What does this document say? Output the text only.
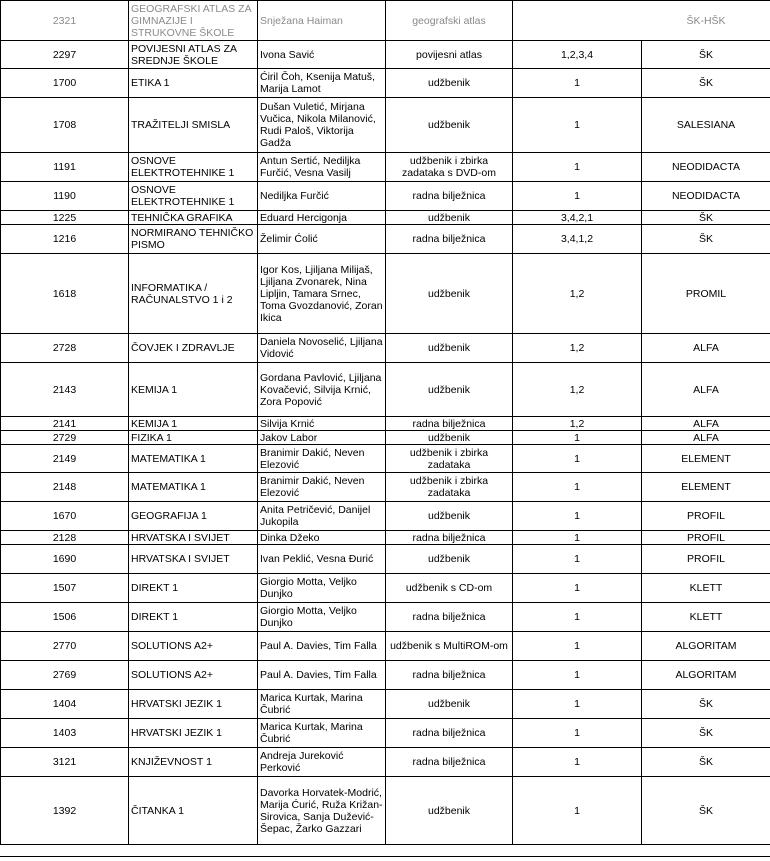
2321	GEOGRAFSKI ATLAS ZA GIMNAZIJE I STRUKOVNE ŠKOLE	Snježana Haiman	geografski atlas		ŠK-HŠK
2297	POVIJESNI ATLAS ZA SREDNJE ŠKOLE	Ivona Savić	povijesni atlas	1,2,3,4	ŠK
1700	ETIKA 1	Ćiril Čoh, Ksenija Matuš, Marija Lamot	udžbenik	1	ŠK
1708	TRAŽITELJI SMISLA	Dušan Vuletić, Mirjana Vučica, Nikola Milanović, Rudi Paloš, Viktorija Gadža	udžbenik	1	SALESIANA
1191	OSNOVE ELEKTROTEHNIKE 1	Antun Sertić, Nedilјka Furčić, Vesna Vasilj	udžbenik i zbirka zadataka s DVD-om	1	NEODIDACTA
1190	OSNOVE ELEKTROTEHNIKE 1	Nedilјka Furčić	radna bilježnica	1	NEODIDACTA
1225	TEHNIČKA GRAFIKA	Eduard Hercigonja	udžbenik	3,4,2,1	ŠK
1216	NORMIRANO TEHNIČKO PISMO	Želimir Ćolić	radna bilježnica	3,4,1,2	ŠK
1618	INFORMATIKA / RAČUNALSTVO 1 i 2	Igor Kos, Ljiljana Milijaš, Ljiljana Zvonarek, Nina Lipljin, Tamara Srnec, Toma Gvozdanović, Zoran Ikica	udžbenik	1,2	PROMIL
2728	ČOVJEK I ZDRAVLJE	Daniela Novoselić, Ljiljana Vidović	udžbenik	1,2	ALFA
2143	KEMIJA 1	Gordana Pavlović, Ljiljana Kovačević, Silvija Krnić, Zora Popović	udžbenik	1,2	ALFA
2141	KEMIJA 1	Silvija Krnić	radna bilježnica	1,2	ALFA
2729	FIZIKA 1	Jakov Labor	udžbenik	1	ALFA
2149	MATEMATIKA 1	Branimir Dakić, Neven Elezović	udžbenik i zbirka zadataka	1	ELEMENT
2148	MATEMATIKA 1	Branimir Dakić, Neven Elezović	udžbenik i zbirka zadataka	1	ELEMENT
1670	GEOGRAFIJA 1	Anita Petričević, Danijel Jukopila	udžbenik	1	PROFIL
2128	HRVATSKA I SVIJET	Dinka Džeko	radna bilježnica	1	PROFIL
1690	HRVATSKA I SVIJET	Ivan Peklić, Vesna Đurić	udžbenik	1	PROFIL
1507	DIREKT 1	Giorgio Motta, Veljko Dunjko	udžbenik s CD-om	1	KLETT
1506	DIREKT 1	Giorgio Motta, Veljko Dunjko	radna bilježnica	1	KLETT
2770	SOLUTIONS A2+	Paul A. Davies, Tim Falla	udžbenik s MultiROM-om	1	ALGORITAM
2769	SOLUTIONS A2+	Paul A. Davies, Tim Falla	radna bilježnica	1	ALGORITAM
1404	HRVATSKI JEZIK 1	Marica Kurtak, Marina Čubrić	udžbenik	1	ŠK
1403	HRVATSKI JEZIK 1	Marica Kurtak, Marina Čubrić	radna bilježnica	1	ŠK
3121	KNJIŽEVNOST 1	Andreja Jureković Perković	radna bilježnica	1	ŠK
1392	ČITANKA 1	Davorka Horvatek-Modrić, Marija Ćurić, Ruža Križan-Sirovica, Sanja Dužević-Šepac, Žarko Gazzari	udžbenik	1	ŠK
